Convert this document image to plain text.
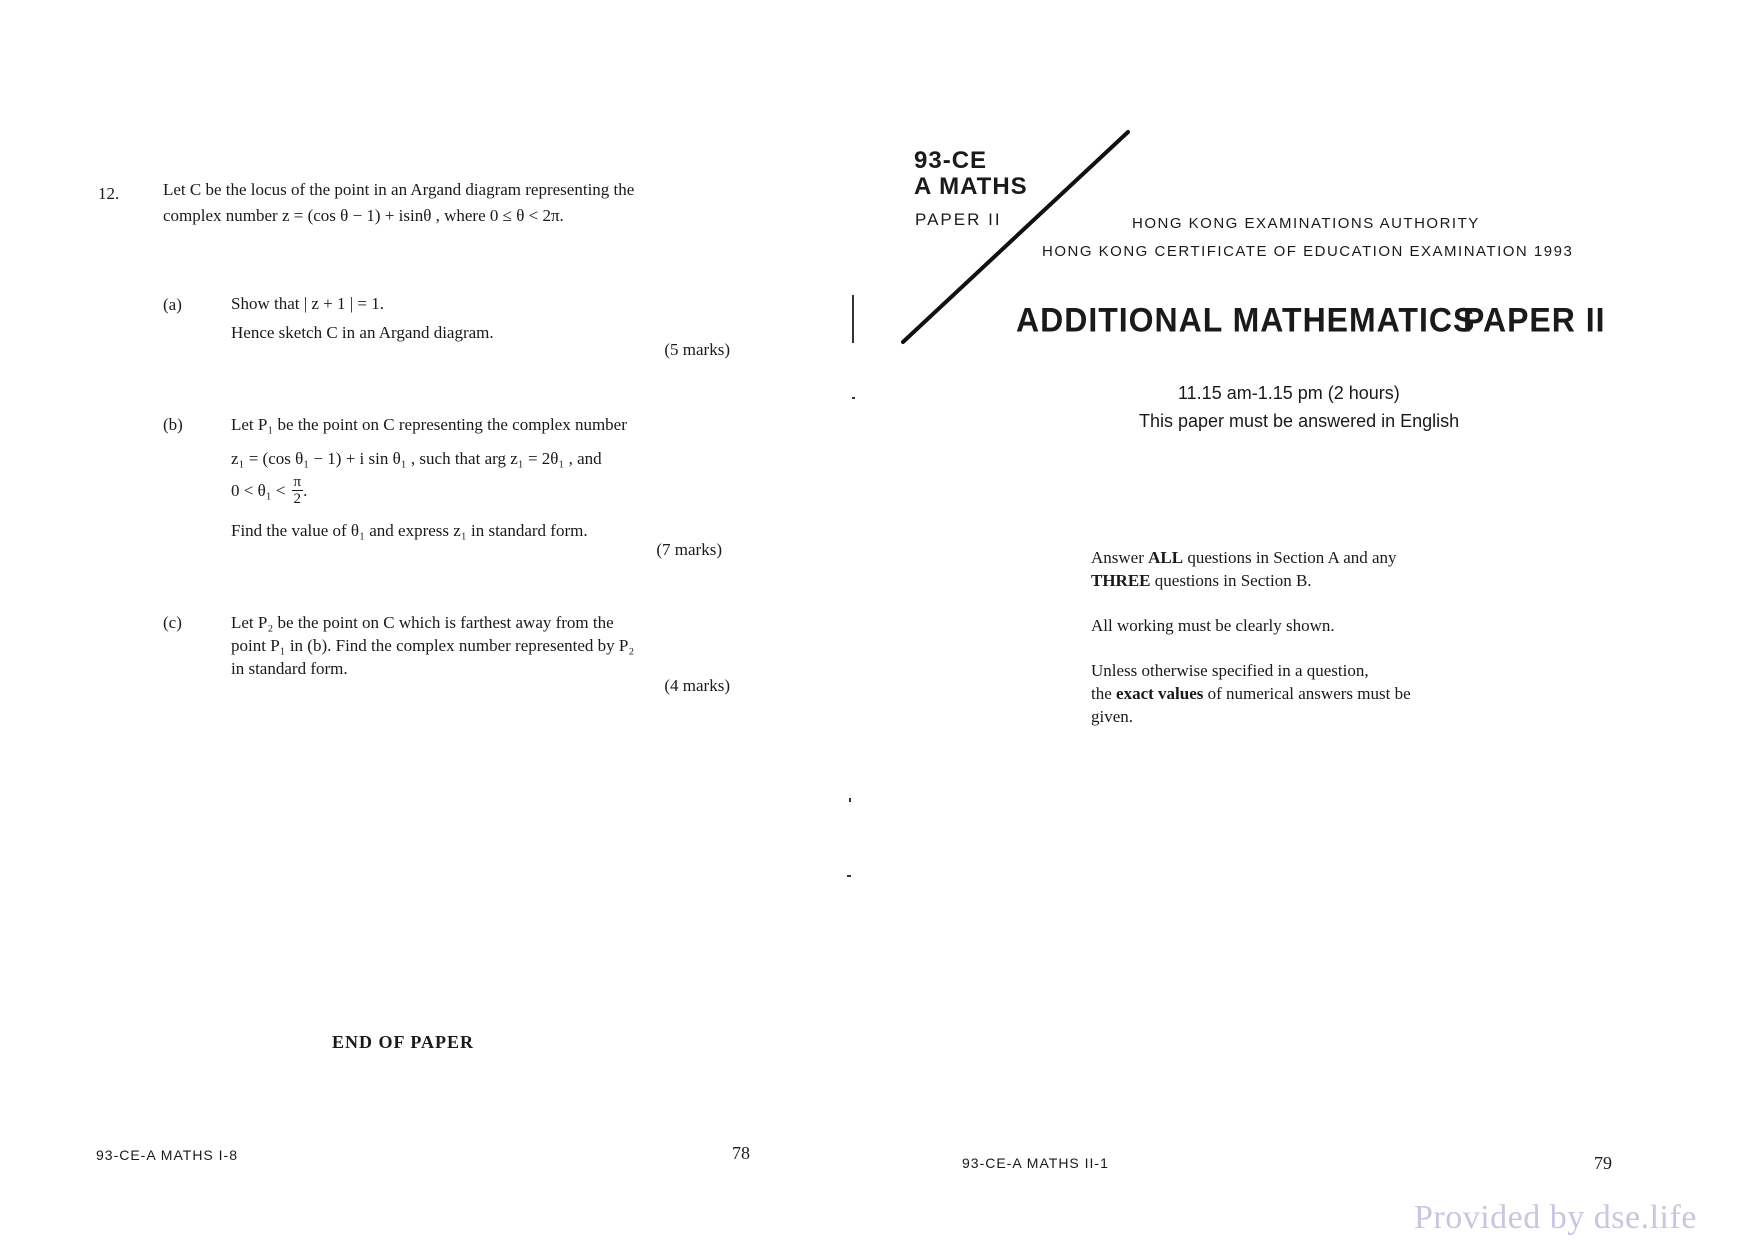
12.	Let C be the locus of the point in an Argand diagram representing the
complex number z = (cos θ − 1) + isinθ , where 0 ≤ θ < 2π.
(a)	Show that | z + 1 | = 1.
Hence sketch C in an Argand diagram.
(5 marks)
(b)	Let P₁ be the point on C representing the complex number
z₁ = (cos θ₁ − 1) + i sin θ₁ , such that arg z₁ = 2θ₁ , and
$0 < \theta_1 < \frac{\pi}{2}$ .
Find the value of θ₁ and express z₁ in standard form.
(7 marks)
(c)	Let P₂ be the point on C which is farthest away from the
point P₁ in (b). Find the complex number represented by P₂
in standard form.
(4 marks)
END OF PAPER
93-CE-A MATHS I-8	78
93-CE
A MATHS
PAPER II	HONG KONG EXAMINATIONS AUTHORITY
HONG KONG CERTIFICATE OF EDUCATION EXAMINATION 1993
ADDITIONAL MATHEMATICS
PAPER II
11.15 am-1.15 pm (2 hours)
This paper must be answered in English
Answer ALL questions in Section A and any
THREE questions in Section B.
All working must be clearly shown.
Unless otherwise specified in a question,
the exact values of numerical answers must be
given.
93-CE-A MATHS II-1	79
Provided by dse.life
